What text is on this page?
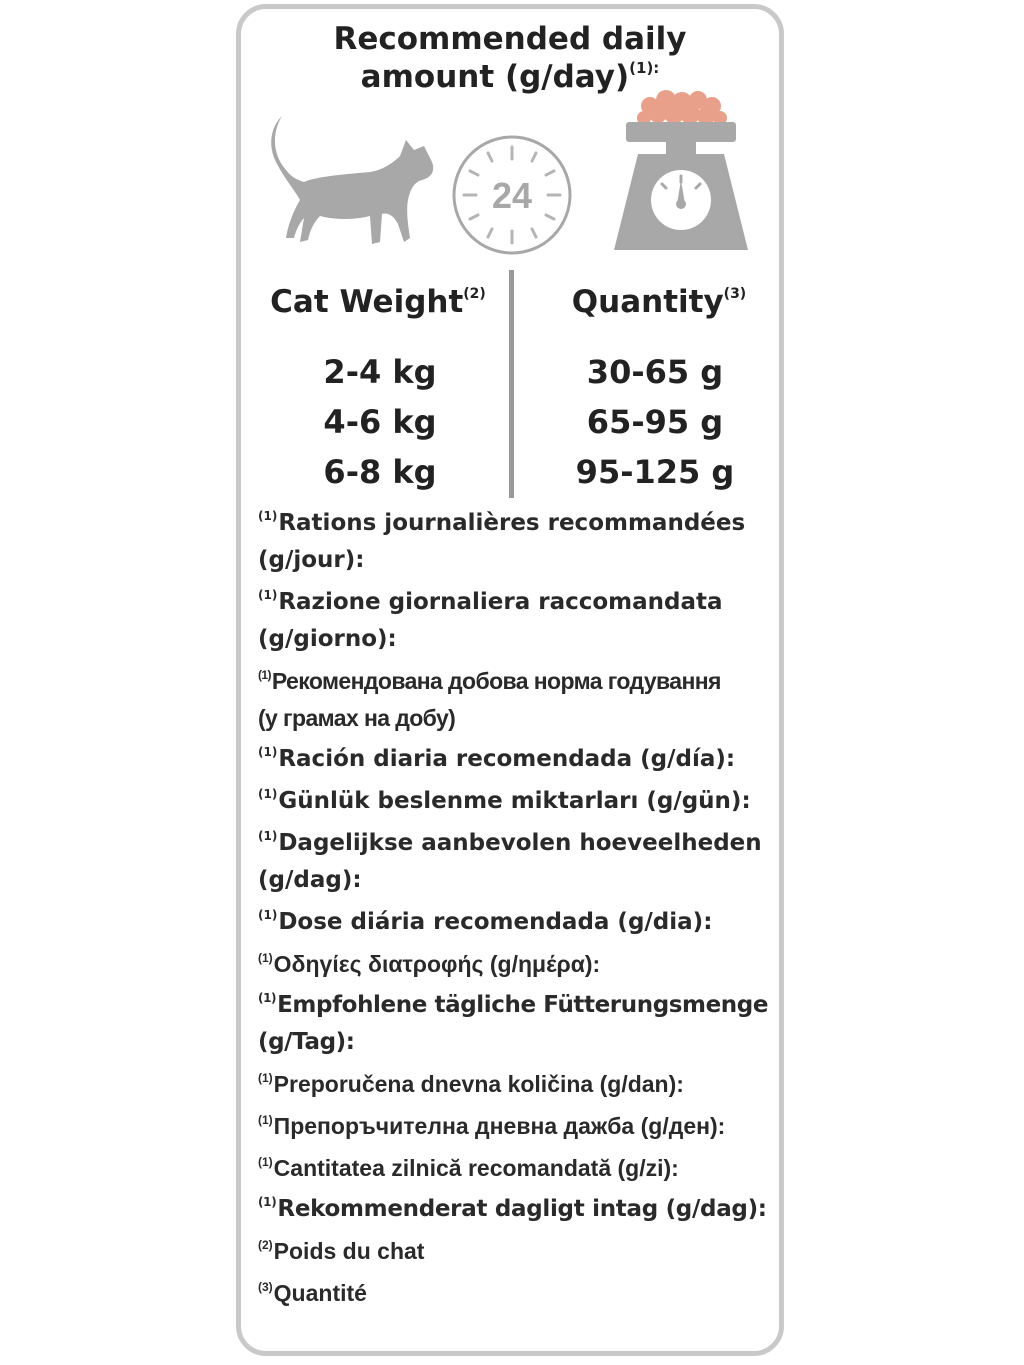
Recommended daily
amount $(g/day)^{(1):}$
24
Cat Weight$^{(2)}$	Quantity$^{(3)}$
2-4 kg
4-6 kg
6-8 kg
30-65 g
65-95 g
95-125 g
$^{(1)}$Rations journalières recommandées
(g/jour):
$^{(1)}$Razione giornaliera raccomandata
(g/giorno):
$^{(1)}$Рекомендована добова норма годування
(у грамах на добу)
$^{(1)}$Ración diaria recomendada (g/día):
$^{(1)}$Günlük beslenme miktarları (g/gün):
$^{(1)}$Dagelijkse aanbevolen hoeveelheden
(g/dag):
$^{(1)}$Dose diária recomendada (g/dia):
$^{(1)}$Οδηγίες διατροφής (g/ημέρα):
$^{(1)}$Empfohlene tägliche Fütterungsmenge
(g/Tag):
$^{(1)}$Preporučena dnevna količina (g/dan):
$^{(1)}$Препоръчителна дневна дажба (g/ден):
$^{(1)}$Cantitatea zilnică recomandată (g/zi):
$^{(1)}$Rekommenderat dagligt intag (g/dag):
$^{(2)}$Poids du chat
$^{(3)}$Quantité
